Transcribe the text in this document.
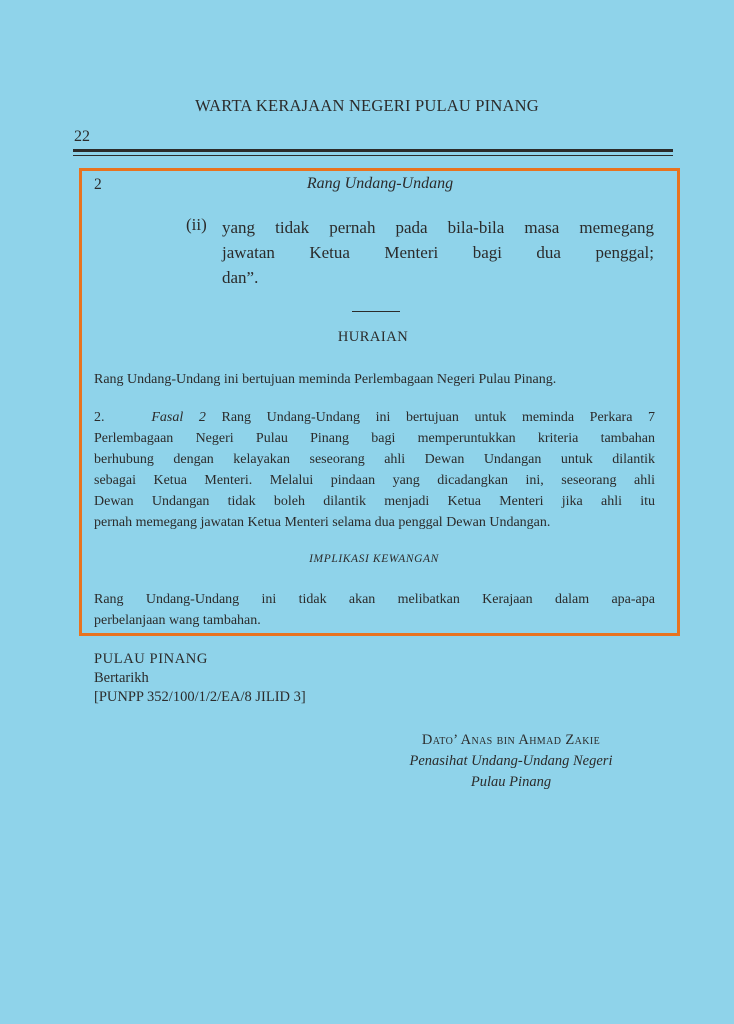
WARTA KERAJAAN NEGERI PULAU PINANG
22
2	Rang Undang-Undang
(ii) yang tidak pernah pada bila-bila masa memegang
jawatan Ketua Menteri bagi dua penggal;
dan”.
HURAIAN
Rang Undang-Undang ini bertujuan meminda Perlembagaan Negeri Pulau Pinang.
2.	Fasal 2 Rang Undang-Undang ini bertujuan untuk meminda Perkara 7
Perlembagaan Negeri Pulau Pinang bagi memperuntukkan kriteria tambahan
berhubung dengan kelayakan seseorang ahli Dewan Undangan untuk dilantik
sebagai Ketua Menteri. Melalui pindaan yang dicadangkan ini, seseorang ahli
Dewan Undangan tidak boleh dilantik menjadi Ketua Menteri jika ahli itu
pernah memegang jawatan Ketua Menteri selama dua penggal Dewan Undangan.
IMPLIKASI KEWANGAN
Rang Undang-Undang ini tidak akan melibatkan Kerajaan dalam apa-apa
perbelanjaan wang tambahan.
PULAU PINANG
Bertarikh
[PUNPP 352/100/1/2/EA/8 JILID 3]
Dato’ Anas bin Ahmad Zakie
Penasihat Undang-Undang Negeri
Pulau Pinang
